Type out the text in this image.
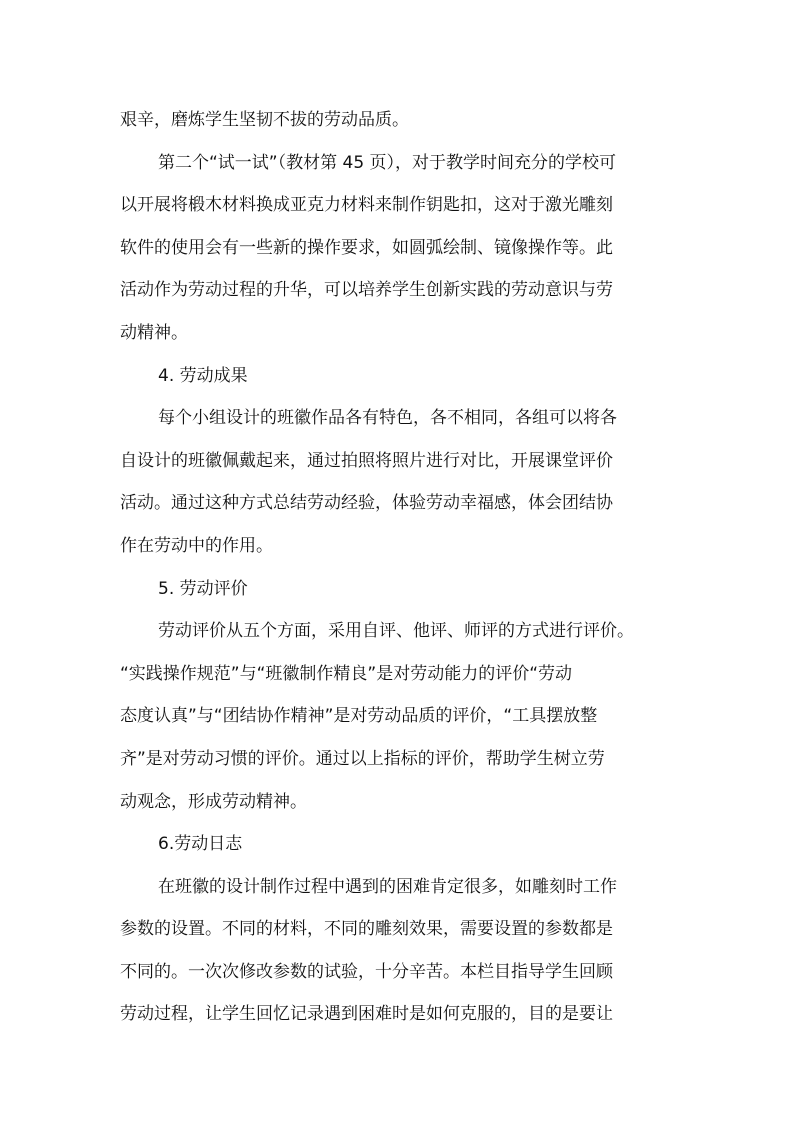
艰辛，磨炼学生坚韧不拔的劳动品质。
第二个“试一试”（教材第 45 页），对于教学时间充分的学校可
以开展将椴木材料换成亚克力材料来制作钥匙扣，这对于激光雕刻
软件的使用会有一些新的操作要求，如圆弧绘制、镜像操作等。此
活动作为劳动过程的升华，可以培养学生创新实践的劳动意识与劳
动精神。
4. 劳动成果
每个小组设计的班徽作品各有特色，各不相同，各组可以将各
自设计的班徽佩戴起来，通过拍照将照片进行对比，开展课堂评价
活动。通过这种方式总结劳动经验，体验劳动幸福感，体会团结协
作在劳动中的作用。
5. 劳动评价
劳动评价从五个方面，采用自评、他评、师评的方式进行评价。
“实践操作规范”与“班徽制作精良”是对劳动能力的评价“劳动
态度认真”与“团结协作精神”是对劳动品质的评价，“工具摆放整
齐”是对劳动习惯的评价。通过以上指标的评价，帮助学生树立劳
动观念，形成劳动精神。
6.劳动日志
在班徽的设计制作过程中遇到的困难肯定很多，如雕刻时工作
参数的设置。不同的材料，不同的雕刻效果，需要设置的参数都是
不同的。一次次修改参数的试验，十分辛苦。本栏目指导学生回顾
劳动过程，让学生回忆记录遇到困难时是如何克服的，目的是要让
